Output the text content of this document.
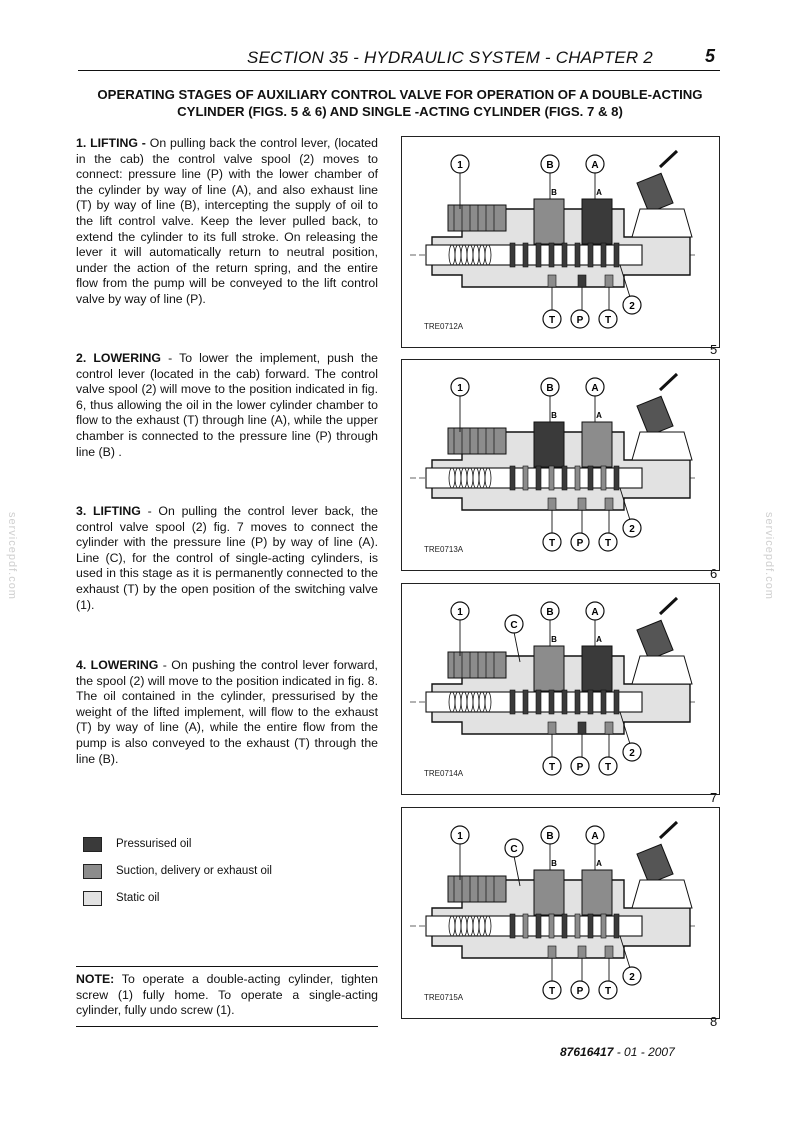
SECTION 35 - HYDRAULIC SYSTEM - CHAPTER 2	5
OPERATING STAGES OF AUXILIARY CONTROL VALVE FOR OPERATION OF A DOUBLE-ACTING CYLINDER (FIGS. 5 & 6) AND SINGLE -ACTING CYLINDER (FIGS. 7 & 8)
1. LIFTING - On pulling back the control lever, (located in the cab) the control valve spool (2) moves to connect: pressure line (P) with the lower chamber of the cylinder by way of line (A), and also exhaust line (T) by way of line (B), intercepting the supply of oil to the lift control valve. Keep the lever pulled back, to extend the cylinder to its full stroke. On releasing the lever it will automatically return to neutral position, under the action of the return spring, and the entire flow from the pump will be conveyed to the lift control valve by way of line (P).
2. LOWERING - To lower the implement, push the control lever (located in the cab) forward. The control valve spool (2) will move to the position indicated in fig. 6, thus allowing the oil in the lower cylinder chamber to flow to the exhaust (T) through line (A), while the upper chamber is connected to the pressure line (P) through line (B) .
3. LIFTING - On pulling the control lever back, the control valve spool (2) fig. 7 moves to connect the cylinder with the pressure line (P) by way of line (A). Line (C), for the control of single-acting cylinders, is used in this stage as it is permanently connected to the exhaust (T) by the open position of the switching valve (1).
4. LOWERING - On pushing the control lever forward, the spool (2) will move to the position indicated in fig. 8. The oil contained in the cylinder, pressurised by the weight of the lifted implement, will flow to the exhaust (T) by way of line (A), while the entire flow from the pump is also conveyed to the exhaust (T) through the line (B).
TRE0712A
1	B	A
B	A
T P T
2
5
TRE0713A
1	B	A
B	A
T P T
2
6
TRE0714A
1	B	A
B	A
C
T P T
2
7
TRE0715A
1	B	A
B	A
C
T P T
2
8
Pressurised oil
Suction, delivery or exhaust oil
Static oil
NOTE: To operate a double-acting cylinder, tighten screw (1) fully home. To operate a single-acting cylinder, fully undo screw (1).
87616417 - 01 - 2007
servicepdf.com	servicepdf.com
